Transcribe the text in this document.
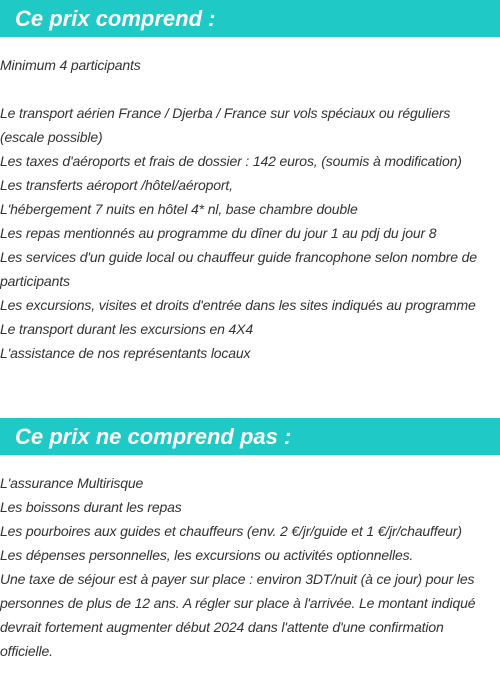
Ce prix comprend :

Minimum 4 participants

Le transport aérien France / Djerba / France sur vols spéciaux ou réguliers (escale possible)

Les taxes d'aéroports et frais de dossier : 142 euros, (soumis à modification)

Les transferts aéroport /hôtel/aéroport,

L'hébergement 7 nuits en hôtel 4* nl, base chambre double

Les repas mentionnés au programme du dîner du jour 1 au pdj du jour 8

Les services d'un guide local ou chauffeur guide francophone selon nombre de participants

Les excursions, visites et droits d'entrée dans les sites indiqués au programme

Le transport durant les excursions en 4X4

L'assistance de nos représentants locaux

Ce prix ne comprend pas :

L'assurance Multirisque

Les boissons durant les repas

Les pourboires aux guides et chauffeurs (env. 2 €/jr/guide et 1 €/jr/chauffeur)

Les dépenses personnelles, les excursions ou activités optionnelles.

Une taxe de séjour est à payer sur place : environ 3DT/nuit (à ce jour) pour les personnes de plus de 12 ans. A régler sur place à l'arrivée. Le montant indiqué devrait fortement augmenter début 2024 dans l'attente d'une confirmation officielle.
